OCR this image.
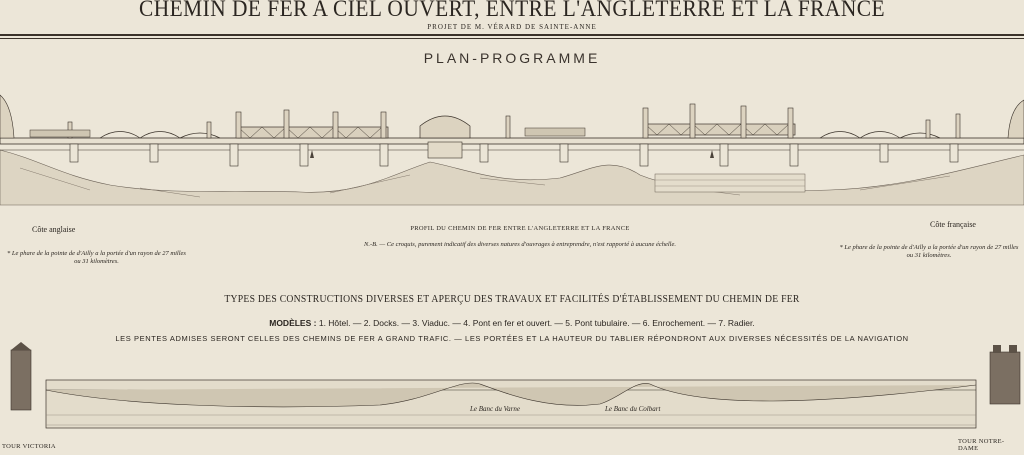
CHEMIN DE FER A CIEL OUVERT, ENTRE L'ANGLETERRE ET LA FRANCE
PROJET DE M. VÉRARD DE SAINTE-ANNE
PLAN-PROGRAMME
Côte anglaise
Côte française
PROFIL DU CHEMIN DE FER ENTRE L'ANGLETERRE ET LA FRANCE
N.-B. — Ce croquis, purement indicatif des diverses natures d'ouvrages à entreprendre, n'est rapporté à aucune échelle.
* Le phare de la pointe de d'Ailly a la portée d'un rayon de 27 milles ou 31 kilomètres.
* Le phare de la pointe de d'Ailly a la portée d'un rayon de 27 milles ou 31 kilomètres.
TYPES DES CONSTRUCTIONS DIVERSES ET APERÇU DES TRAVAUX ET FACILITÉS D'ÉTABLISSEMENT DU CHEMIN DE FER
MODÈLES : 1. Hôtel. — 2. Docks. — 3. Viaduc. — 4. Pont en fer et ouvert. — 5. Pont tubulaire. — 6. Enrochement. — 7. Radier.
LES PENTES ADMISES SERONT CELLES DES CHEMINS DE FER A GRAND TRAFIC. — LES PORTÉES ET LA HAUTEUR DU TABLIER RÉPONDRONT AUX DIVERSES NÉCESSITÉS DE LA NAVIGATION
Le Banc du Varne	Le Banc du Colbart
TOUR VICTORIA
TOUR NOTRE-DAME
